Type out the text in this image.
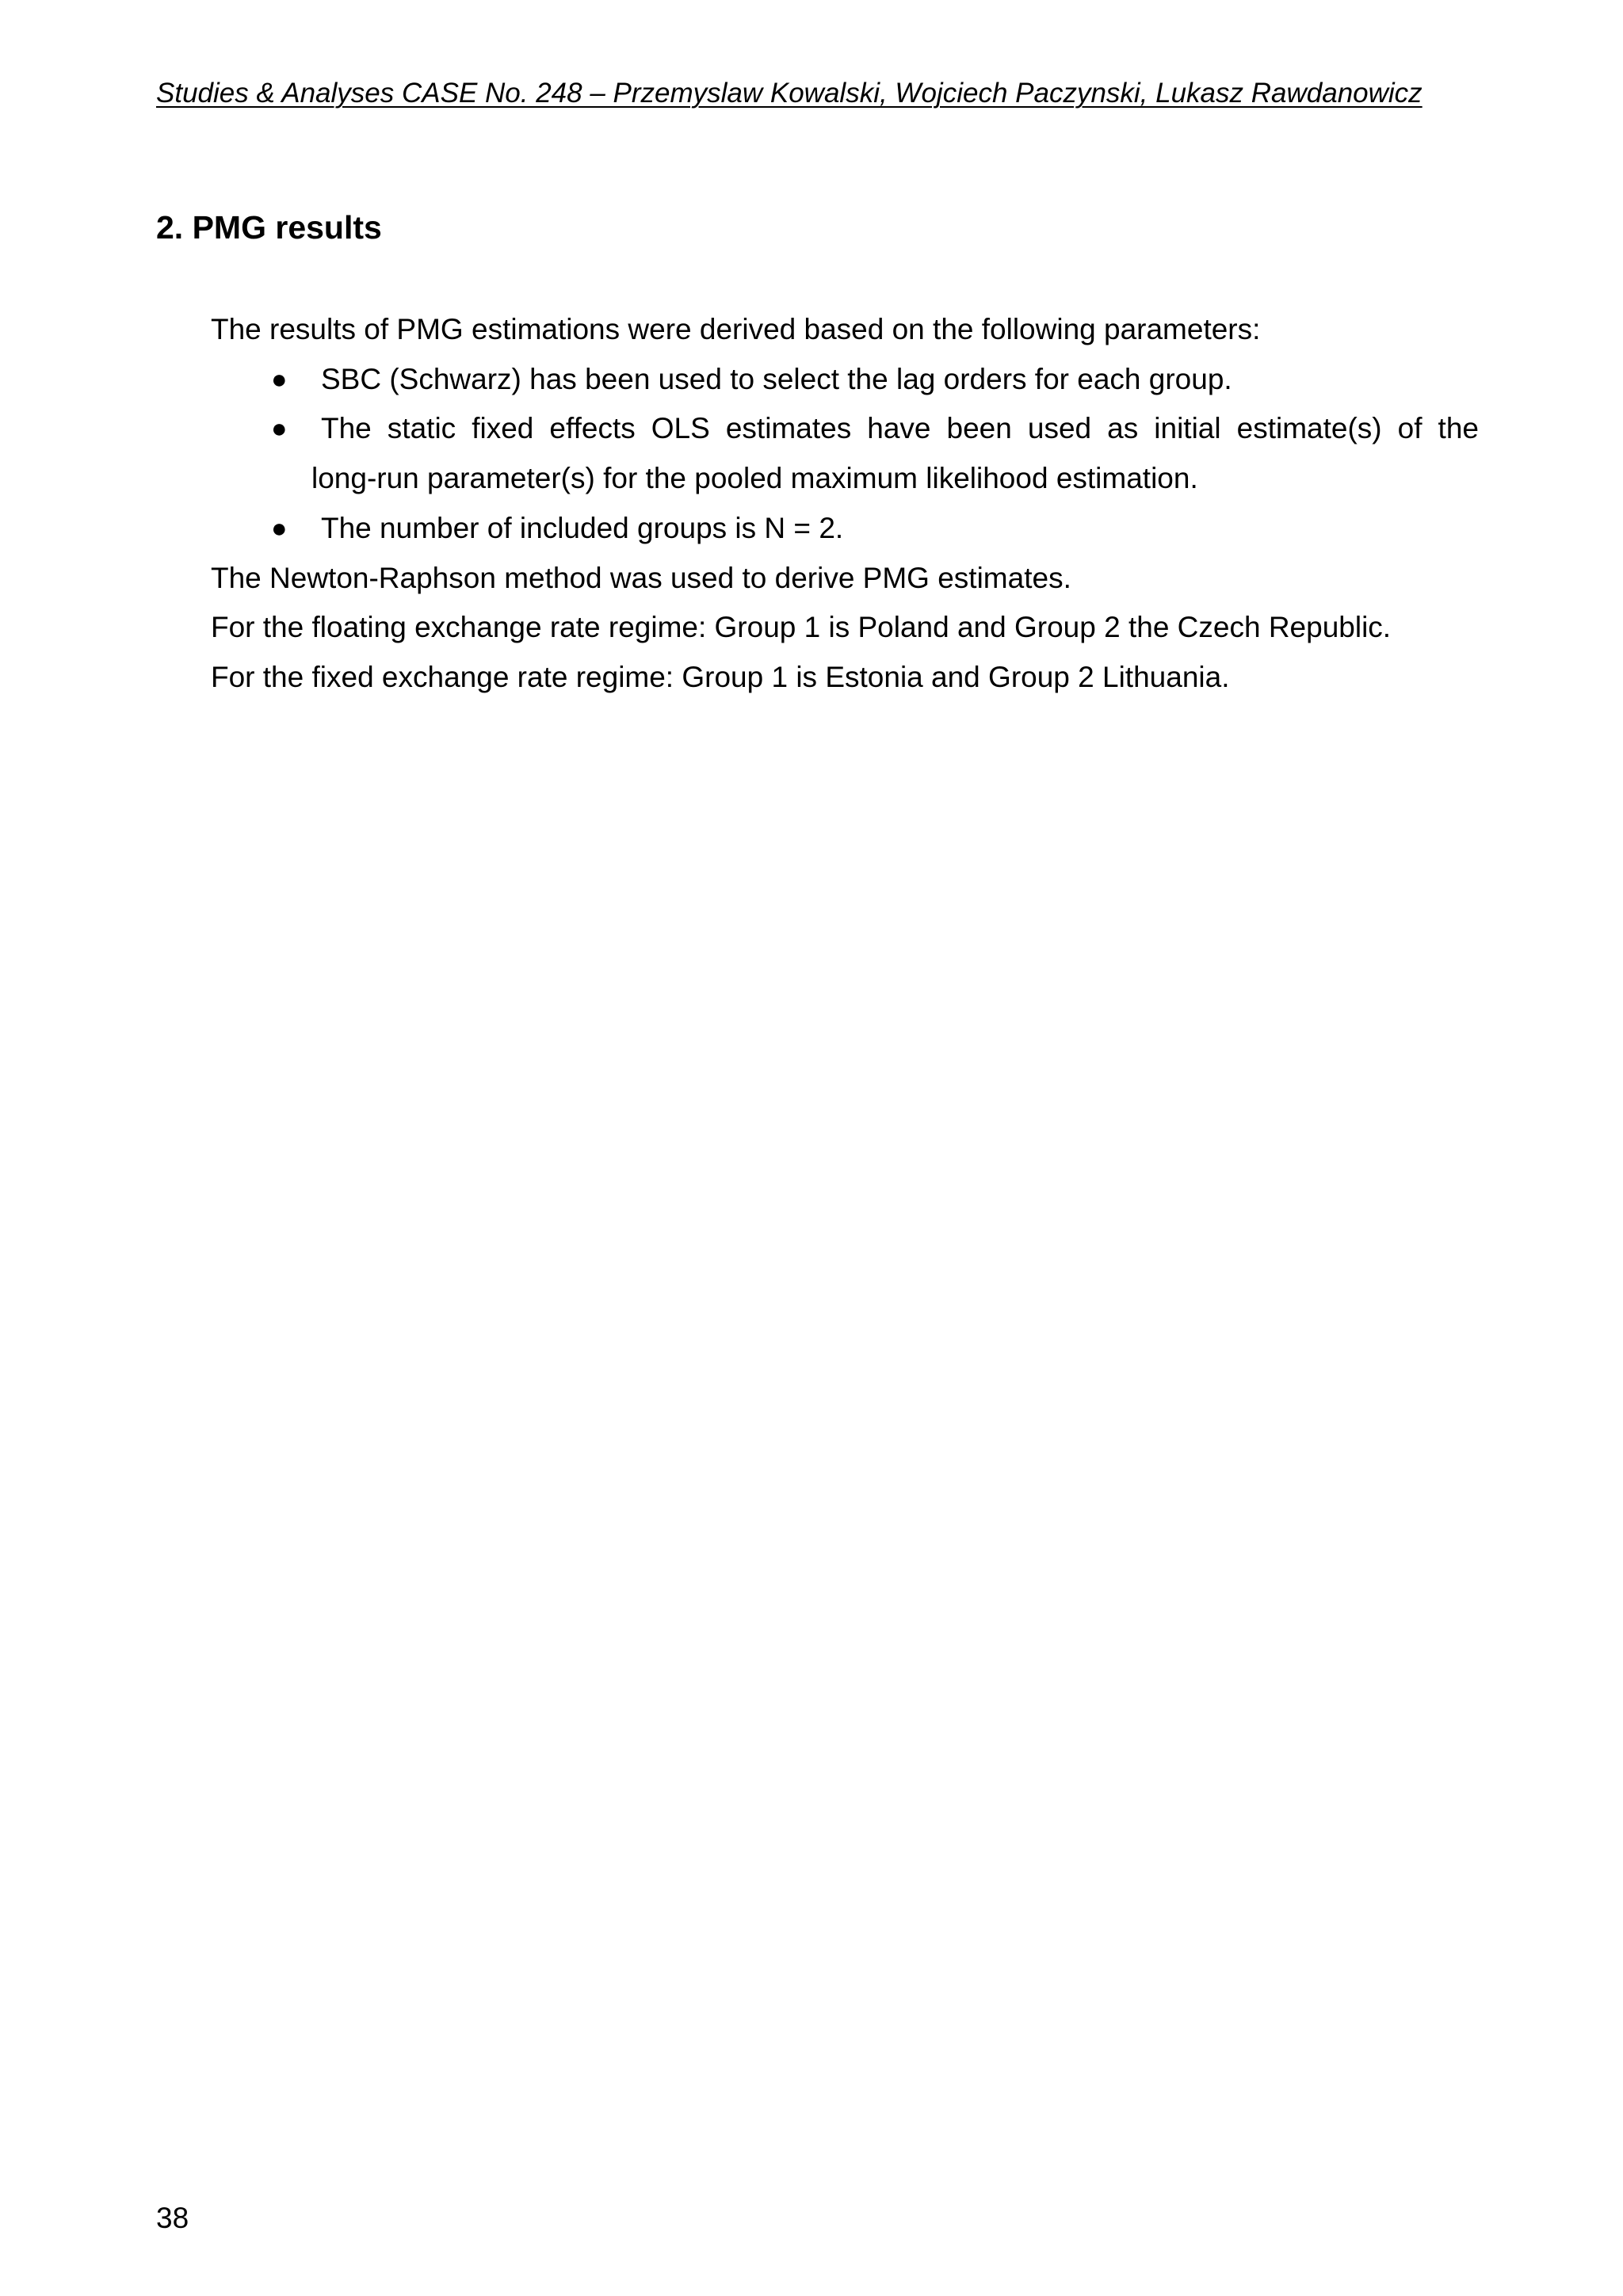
Studies & Analyses CASE No. 248 – Przemyslaw Kowalski, Wojciech Paczynski, Lukasz Rawdanowicz
2. PMG results

The results of PMG estimations were derived based on the following parameters:

●	SBC (Schwarz) has been used to select the lag orders for each group.
●	The static fixed effects OLS estimates have been used as initial estimate(s) of the
long-run parameter(s) for the pooled maximum likelihood estimation.
●	The number of included groups is N = 2.

The Newton-Raphson method was used to derive PMG estimates.

For the floating exchange rate regime: Group 1 is Poland and Group 2 the Czech Republic.

For the fixed exchange rate regime: Group 1 is Estonia and Group 2 Lithuania.

38
